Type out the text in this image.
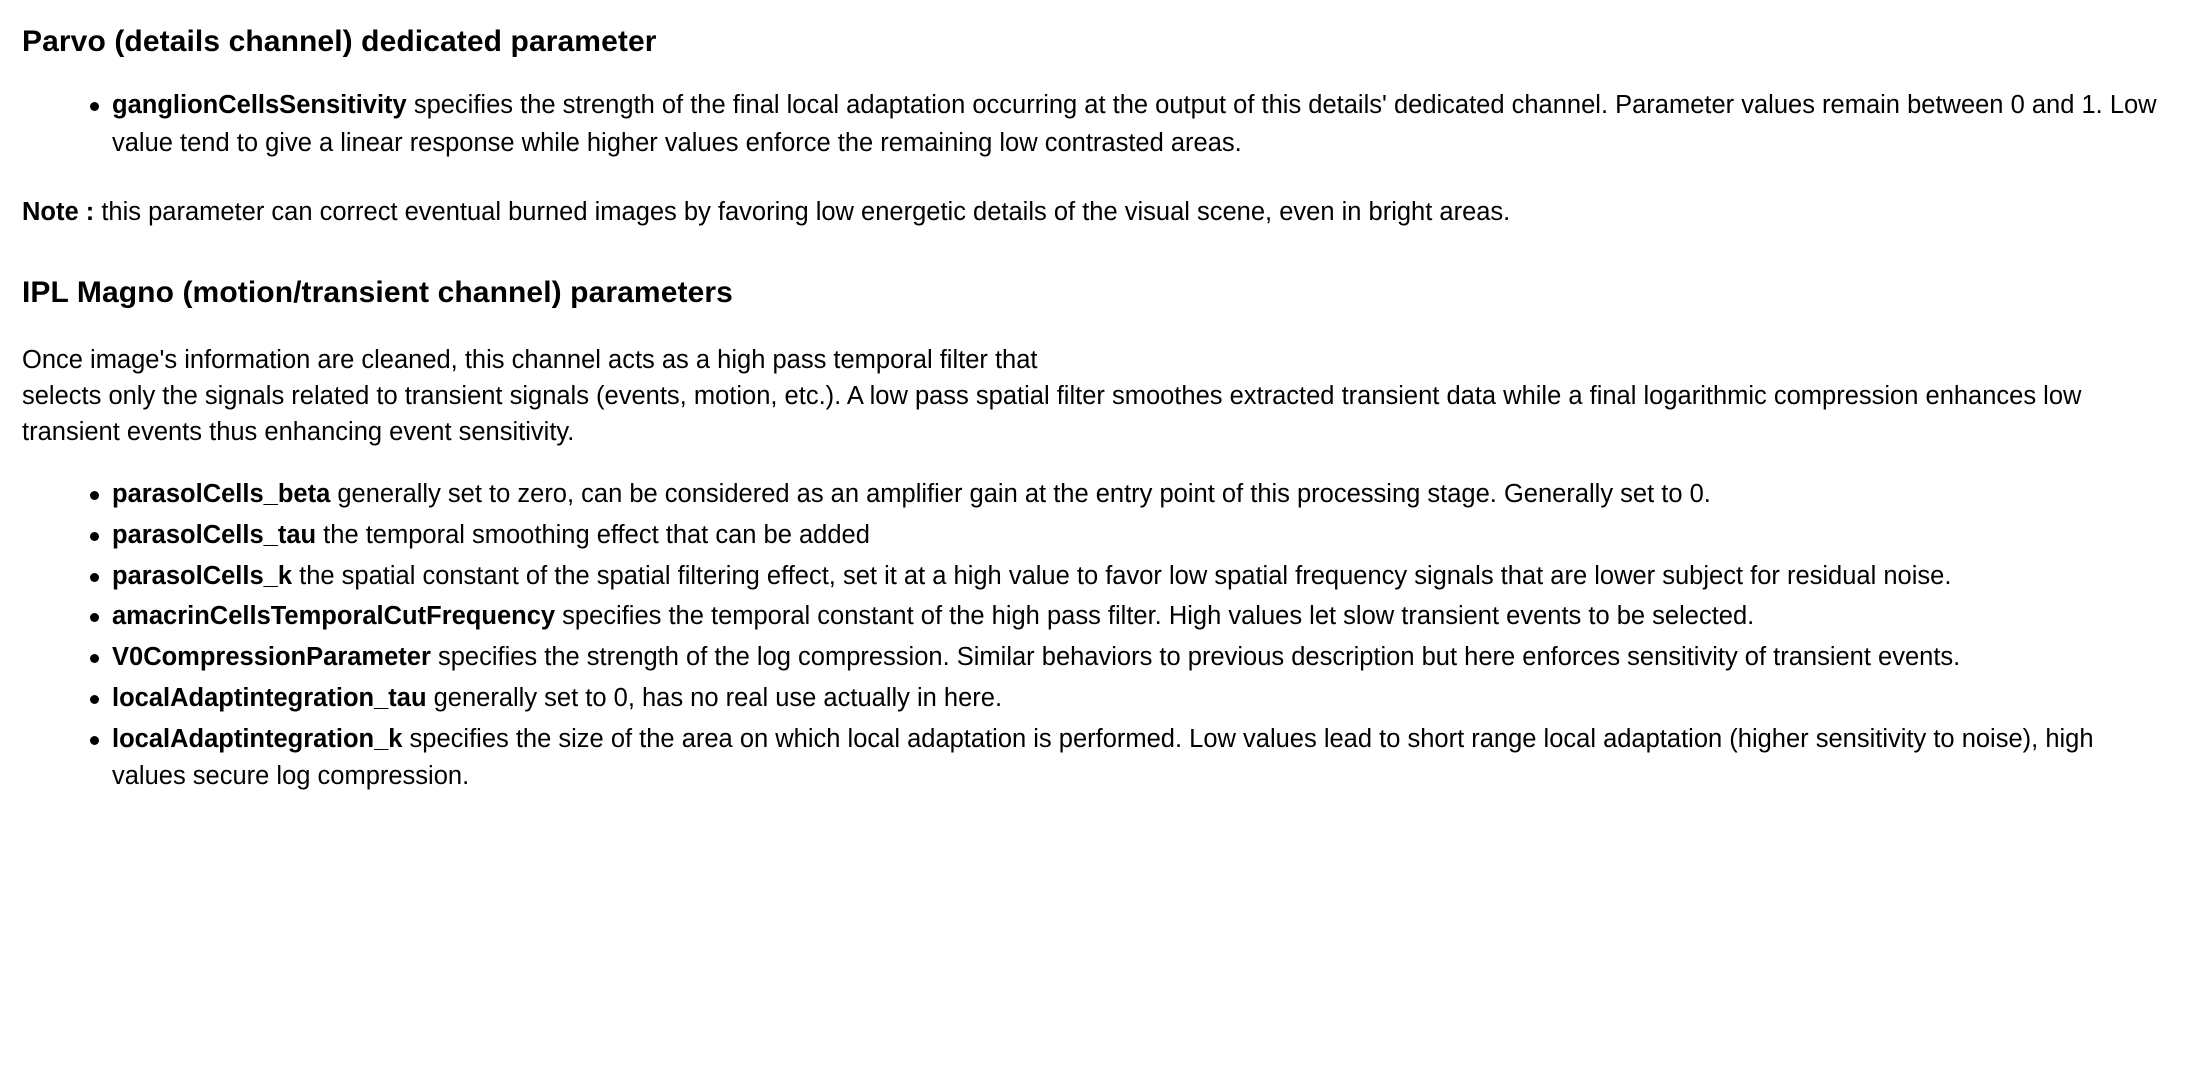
Parvo (details channel) dedicated parameter
ganglionCellsSensitivity specifies the strength of the final local adaptation occurring at the output of this details' dedicated channel. Parameter values remain between 0 and 1. Low value tend to give a linear response while higher values enforce the remaining low contrasted areas.

Note : this parameter can correct eventual burned images by favoring low energetic details of the visual scene, even in bright areas.

IPL Magno (motion/transient channel) parameters

Once image's information are cleaned, this channel acts as a high pass temporal filter that
selects only the signals related to transient signals (events, motion, etc.). A low pass spatial filter smoothes extracted transient data while a final logarithmic compression enhances low transient events thus enhancing event sensitivity.

parasolCells_beta generally set to zero, can be considered as an amplifier gain at the entry point of this processing stage. Generally set to 0.
parasolCells_tau the temporal smoothing effect that can be added
parasolCells_k the spatial constant of the spatial filtering effect, set it at a high value to favor low spatial frequency signals that are lower subject for residual noise.
amacrinCellsTemporalCutFrequency specifies the temporal constant of the high pass filter. High values let slow transient events to be selected.
V0CompressionParameter specifies the strength of the log compression. Similar behaviors to previous description but here enforces sensitivity of transient events.
localAdaptintegration_tau generally set to 0, has no real use actually in here.
localAdaptintegration_k specifies the size of the area on which local adaptation is performed. Low values lead to short range local adaptation (higher sensitivity to noise), high values secure log compression.
